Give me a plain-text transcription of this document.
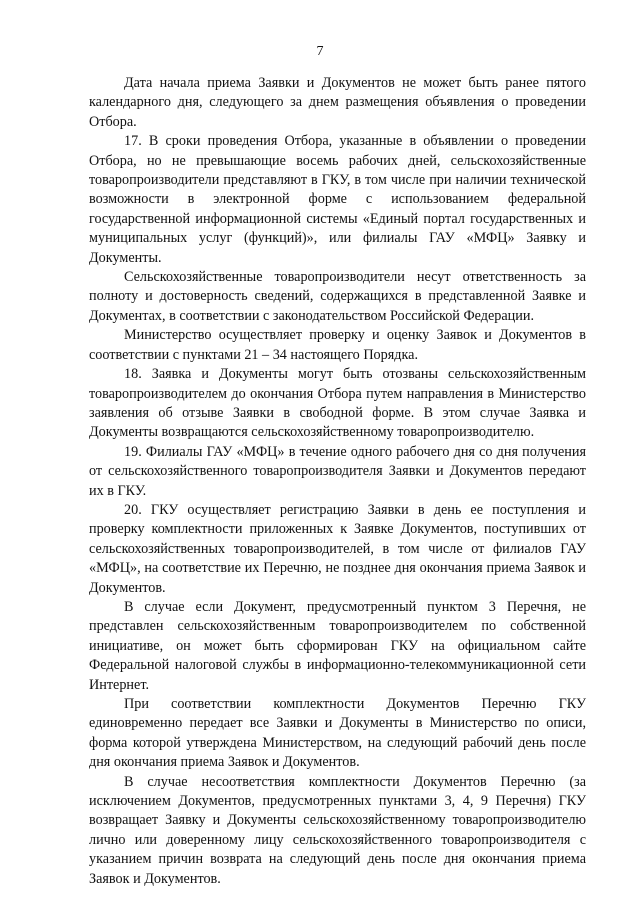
7

Дата начала приема Заявки и Документов не может быть ранее пятого календарного дня, следующего за днем размещения объявления о проведении Отбора.

17. В сроки проведения Отбора, указанные в объявлении о проведении Отбора, но не превышающие восемь рабочих дней, сельскохозяйственные товаропроизводители представляют в ГКУ, в том числе при наличии технической возможности в электронной форме с использованием федеральной государственной информационной системы «Единый портал государственных и муниципальных услуг (функций)», или филиалы ГАУ «МФЦ» Заявку и Документы.

Сельскохозяйственные товаропроизводители несут ответственность за полноту и достоверность сведений, содержащихся в представленной Заявке и Документах, в соответствии с законодательством Российской Федерации.

Министерство осуществляет проверку и оценку Заявок и Документов в соответствии с пунктами 21 – 34 настоящего Порядка.

18. Заявка и Документы могут быть отозваны сельскохозяйственным товаропроизводителем до окончания Отбора путем направления в Министерство заявления об отзыве Заявки в свободной форме. В этом случае Заявка и Документы возвращаются сельскохозяйственному товаропроизводителю.

19. Филиалы ГАУ «МФЦ» в течение одного рабочего дня со дня получения от сельскохозяйственного товаропроизводителя Заявки и Документов передают их в ГКУ.

20. ГКУ осуществляет регистрацию Заявки в день ее поступления и проверку комплектности приложенных к Заявке Документов, поступивших от сельскохозяйственных товаропроизводителей, в том числе от филиалов ГАУ «МФЦ», на соответствие их Перечню, не позднее дня окончания приема Заявок и Документов.

В случае если Документ, предусмотренный пунктом 3 Перечня, не представлен сельскохозяйственным товаропроизводителем по собственной инициативе, он может быть сформирован ГКУ на официальном сайте Федеральной налоговой службы в информационно-телекоммуникационной сети Интернет.

При соответствии комплектности Документов Перечню ГКУ единовременно передает все Заявки и Документы в Министерство по описи, форма которой утверждена Министерством, на следующий рабочий день после дня окончания приема Заявок и Документов.

В случае несоответствия комплектности Документов Перечню (за исключением Документов, предусмотренных пунктами 3, 4, 9 Перечня) ГКУ возвращает Заявку и Документы сельскохозяйственному товаропроизводителю лично или доверенному лицу сельскохозяйственного товаропроизводителя с указанием причин возврата на следующий день после дня окончания приема Заявок и Документов.
